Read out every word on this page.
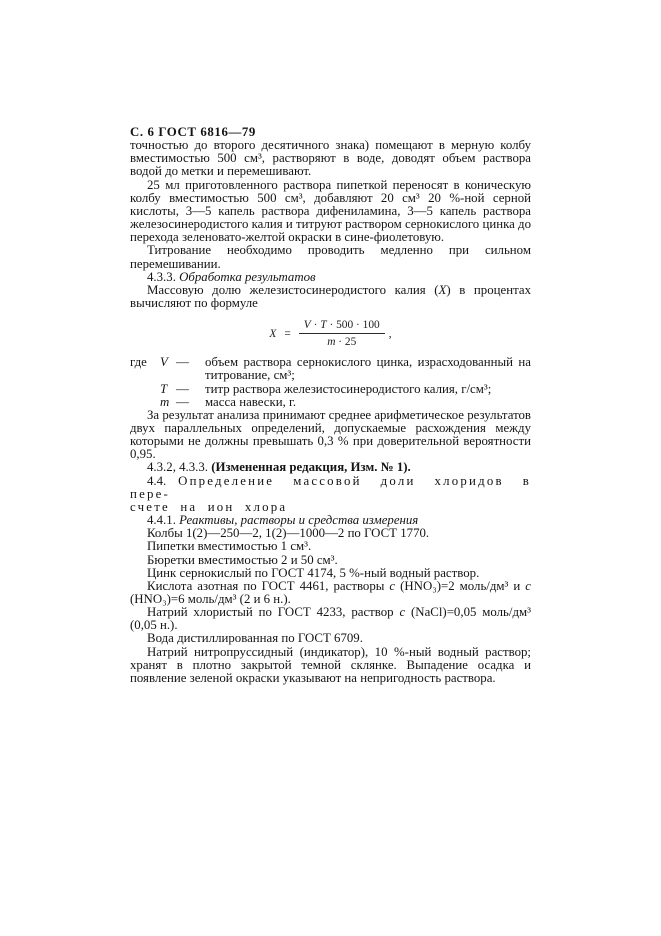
С. 6 ГОСТ 6816—79

точностью до второго десятичного знака) помещают в мерную колбу вместимостью 500 см³, растворяют в воде, доводят объем раствора водой до метки и перемешивают.

25 мл приготовленного раствора пипеткой переносят в коническую колбу вместимостью 500 см³, добавляют 20 см³ 20 %-ной серной кислоты, 3—5 капель раствора дифениламина, 3—5 капель раствора железосинеродистого калия и титруют раствором сернокислого цинка до перехода зеленовато-желтой окраски в сине-фиолетовую.

Титрование необходимо проводить медленно при сильном перемешивании.

4.3.3. Обработка результатов

Массовую долю железистосинеродистого калия (X) в процентах вычисляют по формуле

$X = \frac{V \cdot T \cdot 500 \cdot 100}{m \cdot 25}$ ,
где	V —	объем раствора сернокислого цинка, израсходованный на титрование, см³;
T —	титр раствора железистосинеродистого калия, г/см³;
m —	масса навески, г.

За результат анализа принимают среднее арифметическое результатов двух параллельных определений, допускаемые расхождения между которыми не должны превышать 0,3 % при доверительной вероятности 0,95.

4.3.2, 4.3.3. (Измененная редакция, Изм. № 1).

4.4. Определение массовой доли хлоридов в пере-
счете на ион хлора

4.4.1. Реактивы, растворы и средства измерения

Колбы 1(2)—250—2, 1(2)—1000—2 по ГОСТ 1770.

Пипетки вместимостью 1 см³.

Бюретки вместимостью 2 и 50 см³.

Цинк сернокислый по ГОСТ 4174, 5 %-ный водный раствор.

Кислота азотная по ГОСТ 4461, растворы c (HNO₃)=2 моль/дм³ и c (HNO₃)=6 моль/дм³ (2 и 6 н.).

Натрий хлористый по ГОСТ 4233, раствор c (NaCl)=0,05 моль/дм³ (0,05 н.).

Вода дистиллированная по ГОСТ 6709.

Натрий нитропруссидный (индикатор), 10 %-ный водный раствор; хранят в плотно закрытой темной склянке. Выпадение осадка и появление зеленой окраски указывают на непригодность раствора.
